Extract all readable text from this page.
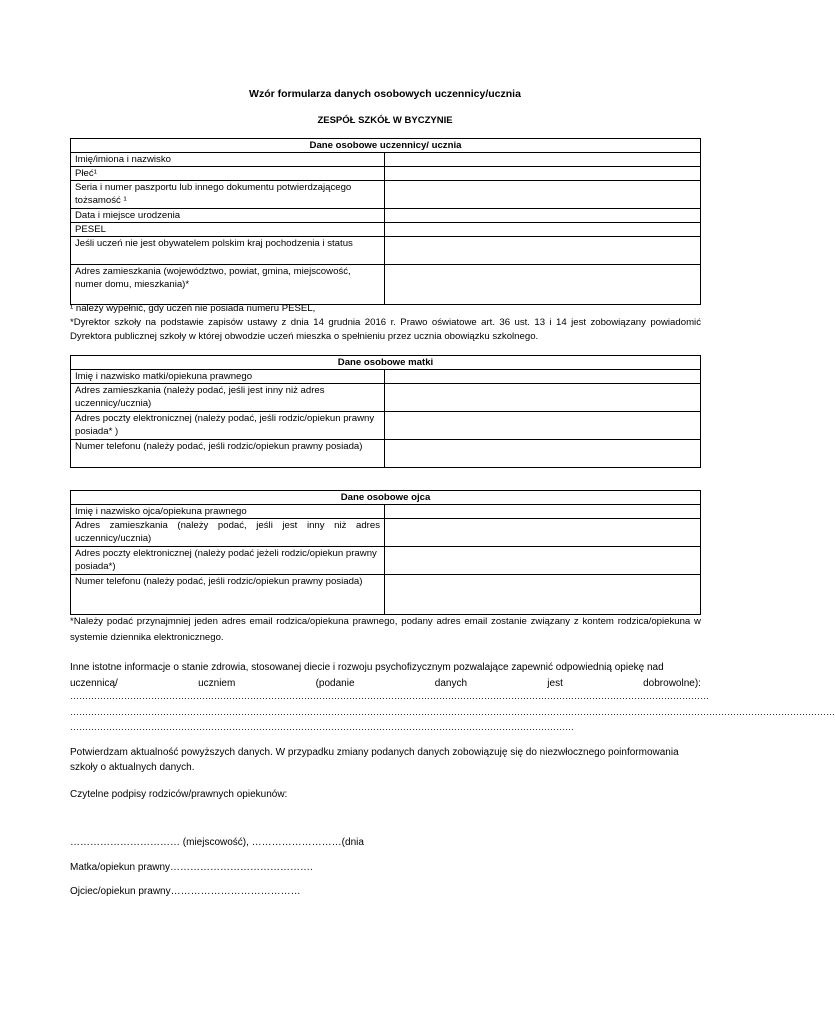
Wzór formularza danych osobowych uczennicy/ucznia
ZESPÓŁ SZKÓŁ W BYCZYNIE
Dane osobowe uczennicy/ ucznia	
Imię/imiona i nazwisko	
Płeć¹	
Seria i numer paszportu lub innego dokumentu potwierdzającego tożsamość ¹	
Data i miejsce urodzenia	
PESEL	
Jeśli uczeń nie jest obywatelem polskim kraj pochodzenia i status	
Adres zamieszkania (województwo, powiat, gmina, miejscowość, numer domu, mieszkania)*	
¹ należy wypełnić, gdy uczeń nie posiada numeru PESEL,
*Dyrektor szkoły na podstawie zapisów ustawy z dnia 14 grudnia 2016 r. Prawo oświatowe art. 36 ust. 13 i 14 jest zobowiązany powiadomić Dyrektora publicznej szkoły w której obwodzie uczeń mieszka o spełnieniu przez ucznia obowiązku szkolnego.
Dane osobowe matki	
Imię i nazwisko matki/opiekuna prawnego	
Adres zamieszkania (należy podać, jeśli jest inny niż adres uczennicy/ucznia)	
Adres poczty elektronicznej (należy podać, jeśli rodzic/opiekun prawny posiada* )	
Numer telefonu (należy podać, jeśli rodzic/opiekun prawny posiada)	
Dane osobowe ojca	
Imię i nazwisko ojca/opiekuna prawnego	
Adres zamieszkania (należy podać, jeśli jest inny niż adres uczennicy/ucznia)	
Adres poczty elektronicznej (należy podać jeżeli rodzic/opiekun prawny posiada*)	
Numer telefonu (należy podać, jeśli rodzic/opiekun prawny posiada)	
*Należy podać przynajmniej jeden adres email rodzica/opiekuna prawnego, podany adres email zostanie związany z kontem rodzica/opiekuna w systemie dziennika elektronicznego.
Inne istotne informacje o stanie zdrowia, stosowanej diecie i rozwoju psychofizycznym pozwalające zapewnić odpowiednią opiekę nad
uczennicą/	uczniem	(podanie	danych	jest	dobrowolne):
……………………………………………………………………………………………………………………………………………………………………………………………
…………………………………………………………………………………………………………………………………………………………………………………………………………………………………
……………………………………………………………………………………………………………………………………………………
Potwierdzam aktualność powyższych danych. W przypadku zmiany podanych danych zobowiązuję się do niezwłocznego poinformowania szkoły o aktualnych danych.
Czytelne podpisy rodziców/prawnych opiekunów:
…………………………… (miejscowość), ………………………(dnia
Matka/opiekun prawny…………………………………….
Ojciec/opiekun prawny…………………………………
